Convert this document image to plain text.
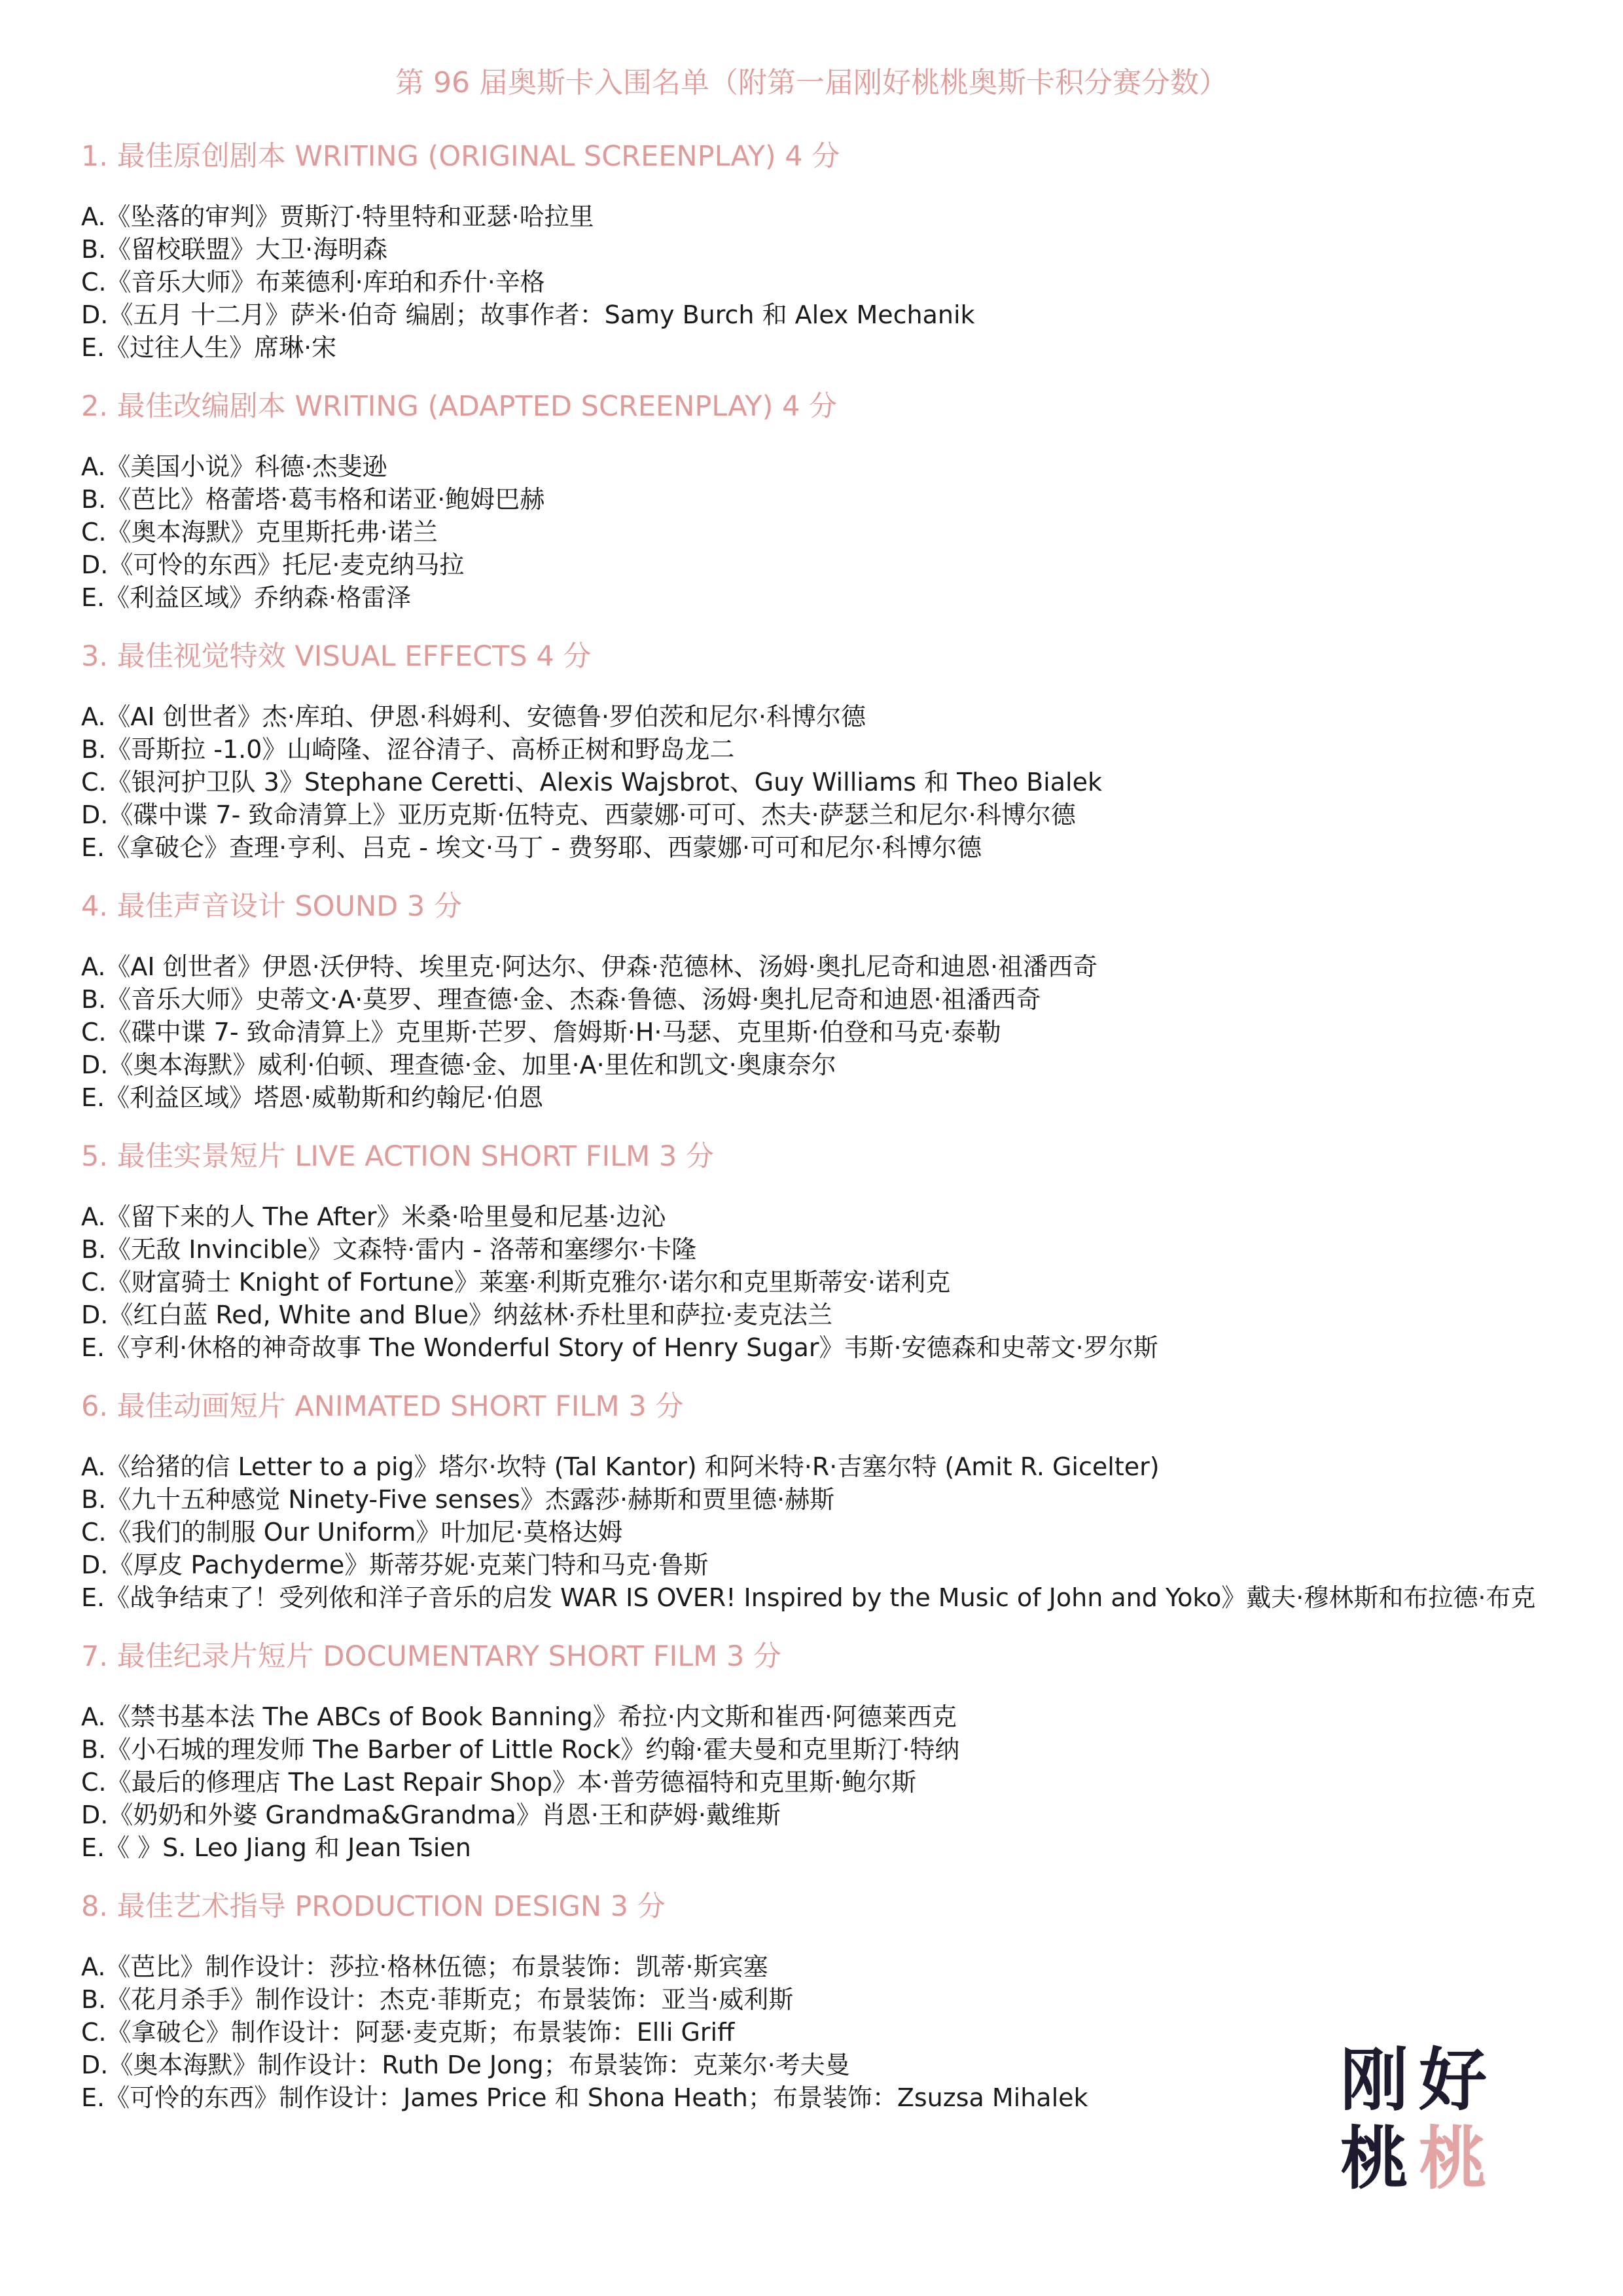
第 96 届奥斯卡入围名单（附第一届刚好桃桃奥斯卡积分赛分数）
1. 最佳原创剧本 WRITING (ORIGINAL SCREENPLAY) 4 分
A.《坠落的审判》贾斯汀·特里特和亚瑟·哈拉里
B.《留校联盟》大卫·海明森
C.《音乐大师》布莱德利·库珀和乔什·辛格
D.《五月 十二月》萨米·伯奇 编剧；故事作者：Samy Burch 和 Alex Mechanik
E.《过往人生》席琳·宋
2. 最佳改编剧本 WRITING (ADAPTED SCREENPLAY) 4 分
A.《美国小说》科德·杰斐逊
B.《芭比》格蕾塔·葛韦格和诺亚·鲍姆巴赫
C.《奥本海默》克里斯托弗·诺兰
D.《可怜的东西》托尼·麦克纳马拉
E.《利益区域》乔纳森·格雷泽
3. 最佳视觉特效 VISUAL EFFECTS 4 分
A.《AI 创世者》杰·库珀、伊恩·科姆利、安德鲁·罗伯茨和尼尔·科博尔德
B.《哥斯拉 -1.0》山崎隆、涩谷清子、高桥正树和野岛龙二
C.《银河护卫队 3》Stephane Ceretti、Alexis Wajsbrot、Guy Williams 和 Theo Bialek
D.《碟中谍 7- 致命清算上》亚历克斯·伍特克、西蒙娜·可可、杰夫·萨瑟兰和尼尔·科博尔德
E.《拿破仑》查理·亨利、吕克 - 埃文·马丁 - 费努耶、西蒙娜·可可和尼尔·科博尔德
4. 最佳声音设计 SOUND 3 分
A.《AI 创世者》伊恩·沃伊特、埃里克·阿达尔、伊森·范德林、汤姆·奥扎尼奇和迪恩·祖潘西奇
B.《音乐大师》史蒂文·A·莫罗、理查德·金、杰森·鲁德、汤姆·奥扎尼奇和迪恩·祖潘西奇
C.《碟中谍 7- 致命清算上》克里斯·芒罗、詹姆斯·H·马瑟、克里斯·伯登和马克·泰勒
D.《奥本海默》威利·伯顿、理查德·金、加里·A·里佐和凯文·奥康奈尔
E.《利益区域》塔恩·威勒斯和约翰尼·伯恩
5. 最佳实景短片 LIVE ACTION SHORT FILM 3 分
A.《留下来的人 The After》米桑·哈里曼和尼基·边沁
B.《无敌 Invincible》文森特·雷内 - 洛蒂和塞缪尔·卡隆
C.《财富骑士 Knight of Fortune》莱塞·利斯克雅尔·诺尔和克里斯蒂安·诺利克
D.《红白蓝 Red, White and Blue》纳兹林·乔杜里和萨拉·麦克法兰
E.《亨利·休格的神奇故事 The Wonderful Story of Henry Sugar》韦斯·安德森和史蒂文·罗尔斯
6. 最佳动画短片 ANIMATED SHORT FILM 3 分
A.《给猪的信 Letter to a pig》塔尔·坎特 (Tal Kantor) 和阿米特·R·吉塞尔特 (Amit R. Gicelter)
B.《九十五种感觉 Ninety-Five senses》杰露莎·赫斯和贾里德·赫斯
C.《我们的制服 Our Uniform》叶加尼·莫格达姆
D.《厚皮 Pachyderme》斯蒂芬妮·克莱门特和马克·鲁斯
E.《战争结束了！受列侬和洋子音乐的启发 WAR IS OVER! Inspired by the Music of John and Yoko》戴夫·穆林斯和布拉德·布克
7. 最佳纪录片短片 DOCUMENTARY SHORT FILM 3 分
A.《禁书基本法 The ABCs of Book Banning》希拉·内文斯和崔西·阿德莱西克
B.《小石城的理发师 The Barber of Little Rock》约翰·霍夫曼和克里斯汀·特纳
C.《最后的修理店 The Last Repair Shop》本·普劳德福特和克里斯·鲍尔斯
D.《奶奶和外婆 Grandma&Grandma》肖恩·王和萨姆·戴维斯
E.《 》S. Leo Jiang 和 Jean Tsien
8. 最佳艺术指导 PRODUCTION DESIGN 3 分
A.《芭比》制作设计：莎拉·格林伍德；布景装饰：凯蒂·斯宾塞
B.《花月杀手》制作设计：杰克·菲斯克；布景装饰：亚当·威利斯
C.《拿破仑》制作设计：阿瑟·麦克斯；布景装饰：Elli Griff
D.《奥本海默》制作设计：Ruth De Jong；布景装饰：克莱尔·考夫曼
E.《可怜的东西》制作设计：James Price 和 Shona Heath；布景装饰：Zsuzsa Mihalek	刚 好
桃 桃
